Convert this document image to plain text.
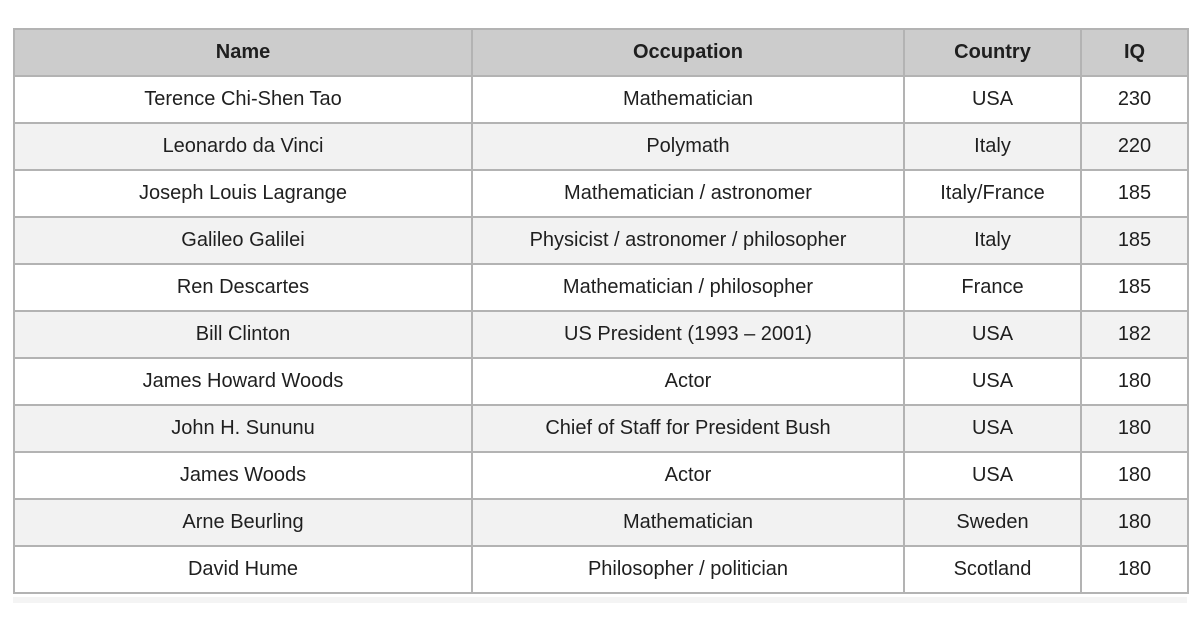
Name	Occupation	Country	IQ
Terence Chi-Shen Tao	Mathematician	USA	230
Leonardo da Vinci	Polymath	Italy	220
Joseph Louis Lagrange	Mathematician / astronomer	Italy/France	185
Galileo Galilei	Physicist / astronomer / philosopher	Italy	185
Ren Descartes	Mathematician / philosopher	France	185
Bill Clinton	US President (1993 – 2001)	USA	182
James Howard Woods	Actor	USA	180
John H. Sununu	Chief of Staff for President Bush	USA	180
James Woods	Actor	USA	180
Arne Beurling	Mathematician	Sweden	180
David Hume	Philosopher / politician	Scotland	180
